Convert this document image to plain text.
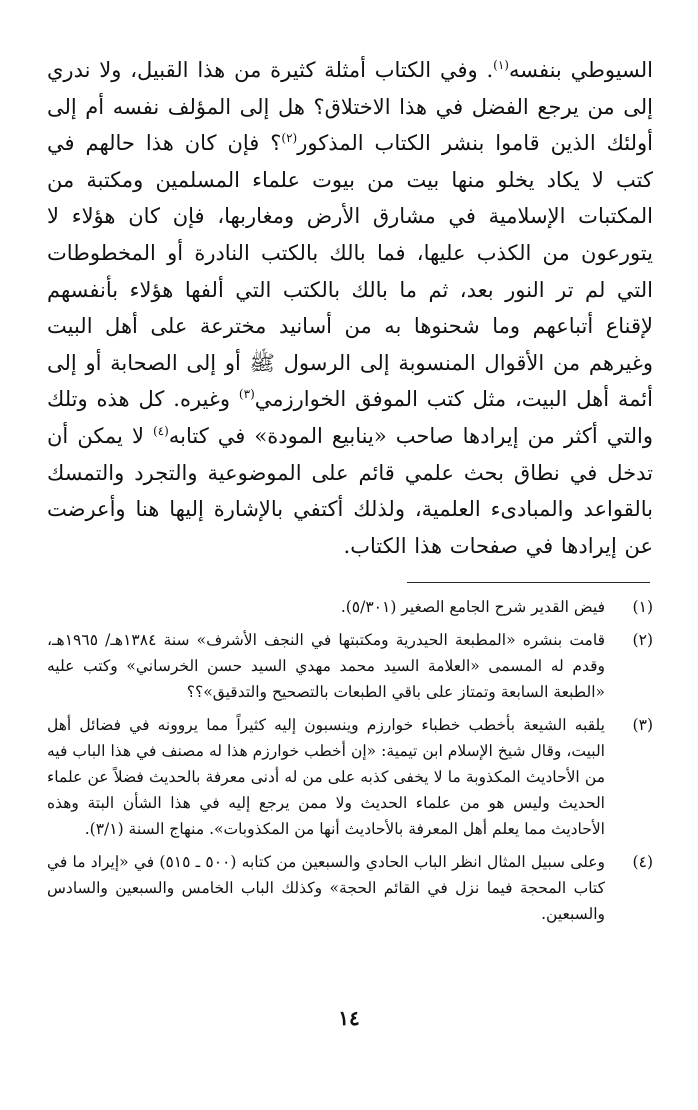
السيوطي بنفسه$^{(١)}$. وفي الكتاب أمثلة كثيرة من هذا القبيل، ولا ندري إلى من يرجع الفضل في هذا الاختلاق؟ هل إلى المؤلف نفسه أم إلى أولئك الذين قاموا بنشر الكتاب المذكور$^{(٢)}$؟ فإن كان هذا حالهم في كتب لا يكاد يخلو منها بيت من بيوت علماء المسلمين ومكتبة من المكتبات الإسلامية في مشارق الأرض ومغاربها، فإن كان هؤلاء لا يتورعون من الكذب عليها، فما بالك بالكتب النادرة أو المخطوطات التي لم تر النور بعد، ثم ما بالك بالكتب التي ألفها هؤلاء بأنفسهم لإقناع أتباعهم وما شحنوها به من أسانيد مخترعة على أهل البيت وغيرهم من الأقوال المنسوبة إلى الرسول ﷺ أو إلى الصحابة أو إلى أئمة أهل البيت، مثل كتب الموفق الخوارزمي$^{(٣)}$ وغيره. كل هذه وتلك والتي أكثر من إيرادها صاحب «ينابيع المودة» في كتابه$^{(٤)}$ لا يمكن أن تدخل في نطاق بحث علمي قائم على الموضوعية والتجرد والتمسك بالقواعد والمبادىء العلمية، ولذلك أكتفي بالإشارة إليها هنا وأعرضت عن إيرادها في صفحات هذا الكتاب.
(١)
فيض القدير شرح الجامع الصغير (٥/٣٠١).
(٢)
قامت بنشره «المطبعة الحيدرية ومكتبتها في النجف الأشرف» سنة ١٣٨٤هـ/ ١٩٦٥هـ، وقدم له المسمى «العلامة السيد محمد مهدي السيد حسن الخرساني» وكتب عليه «الطبعة السابعة وتمتاز على باقي الطبعات بالتصحيح والتدقيق»؟؟
(٣)
يلقبه الشيعة بأخطب خطباء خوارزم وينسبون إليه كثيراً مما يروونه في فضائل أهل البيت، وقال شيخ الإسلام ابن تيمية: «إن أخطب خوارزم هذا له مصنف في هذا الباب فيه من الأحاديث المكذوبة ما لا يخفى كذبه على من له أدنى معرفة بالحديث فضلاً عن علماء الحديث وليس هو من علماء الحديث ولا ممن يرجع إليه في هذا الشأن البتة وهذه الأحاديث مما يعلم أهل المعرفة بالأحاديث أنها من المكذوبات». منهاج السنة (٣/١).
(٤)
وعلى سبيل المثال انظر الباب الحادي والسبعين من كتابه (٥٠٠ ـ ٥١٥) في «إيراد ما في كتاب المحجة فيما نزل في القائم الحجة» وكذلك الباب الخامس والسبعين والسادس والسبعين.
١٤
